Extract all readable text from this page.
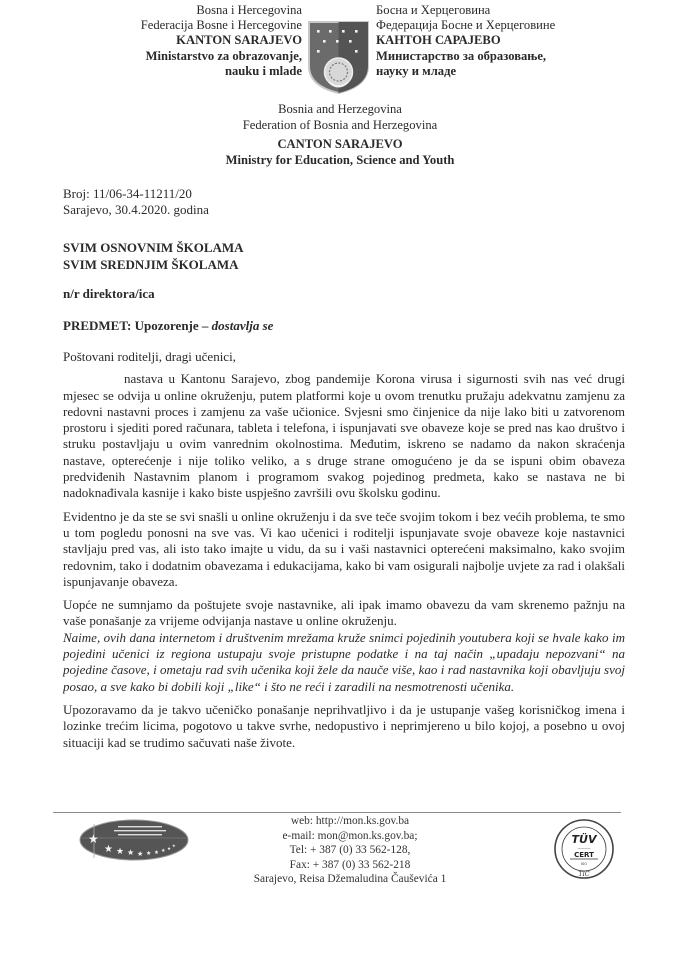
Bosna i Hercegovina
Federacija Bosne i Hercegovine
KANTON SARAJEVO
Ministarstvo za obrazovanje,
nauku i mlade
Босна и Херцеговина
Федерација Босне и Херцеговине
КАНТОН САРАЈЕВО
Министарство за образовање,
науку и младе
Bosnia and Herzegovina
Federation of Bosnia and Herzegovina
CANTON SARAJEVO
Ministry for Education, Science and Youth
Broj: 11/06-34-11211/20
Sarajevo, 30.4.2020. godina
SVIM OSNOVNIM ŠKOLAMA
SVIM SREDNJIM ŠKOLAMA
n/r direktora/ica
PREDMET: Upozorenje – dostavlja se

Poštovani roditelji, dragi učenici,

nastava u Kantonu Sarajevo, zbog pandemije Korona virusa i sigurnosti svih nas već drugi mjesec se odvija u online okruženju, putem platformi koje u ovom trenutku pružaju adekvatnu zamjenu za redovni nastavni proces i zamjenu za vaše učionice. Svjesni smo činjenice da nije lako biti u zatvorenom prostoru i sjediti pored računara, tableta i telefona, i ispunjavati sve obaveze koje se pred nas kao društvo i struku postavljaju u ovim vanrednim okolnostima. Međutim, iskreno se nadamo da nakon skraćenja nastave, opterećenje i nije toliko veliko, a s druge strane omogućeno je da se ispuni obim obaveza predviđenih Nastavnim planom i programom svakog pojedinog predmeta, kako se nastava ne bi nadoknađivala kasnije i kako biste uspješno završili ovu školsku godinu.

Evidentno je da ste se svi snašli u online okruženju i da sve teče svojim tokom i bez većih problema, te smo u tom pogledu ponosni na sve vas. Vi kao učenici i roditelji ispunjavate svoje obaveze koje nastavnici stavljaju pred vas, ali isto tako imajte u vidu, da su i vaši nastavnici opterećeni maksimalno, kako svojim redovnim, tako i dodatnim obavezama i edukacijama, kako bi vam osigurali najbolje uvjete za rad i olakšali ispunjavanje obaveza.

Uopće ne sumnjamo da poštujete svoje nastavnike, ali ipak imamo obavezu da vam skrenemo pažnju na vaše ponašanje za vrijeme odvijanja nastave u online okruženju.

Naime, ovih dana internetom i društvenim mrežama kruže snimci pojedinih youtubera koji se hvale kako im pojedini učenici iz regiona ustupaju svoje pristupne podatke i na taj način „upadaju nepozvani“ na pojedine časove, i ometaju rad svih učenika koji žele da nauče više, kao i rad nastavnika koji obavljuju svoj posao, a sve kako bi dobili koji „like“ i što ne reći i zaradili na nesmotrenosti učenika.

Upozoravamo da je takvo učeničko ponašanje neprihvatljivo i da je ustupanje vašeg korisničkog imena i lozinke trećim licima, pogotovo u takve svrhe, nedopustivo i neprimjereno u bilo kojoj, a posebno u ovoj situaciji kad se trudimo sačuvati naše živote.

★
★ ★ ★ ★ ★ ★ ★ ★
★
web: http://mon.ks.gov.ba
e-mail: mon@mon.ks.gov.ba;
Tel: + 387 (0) 33 562-128,
Fax: + 387 (0) 33 562-218
Sarajevo, Reisa Džemaludina Čauševića 1
TÜV
---------
CERT
ISO
TIC
